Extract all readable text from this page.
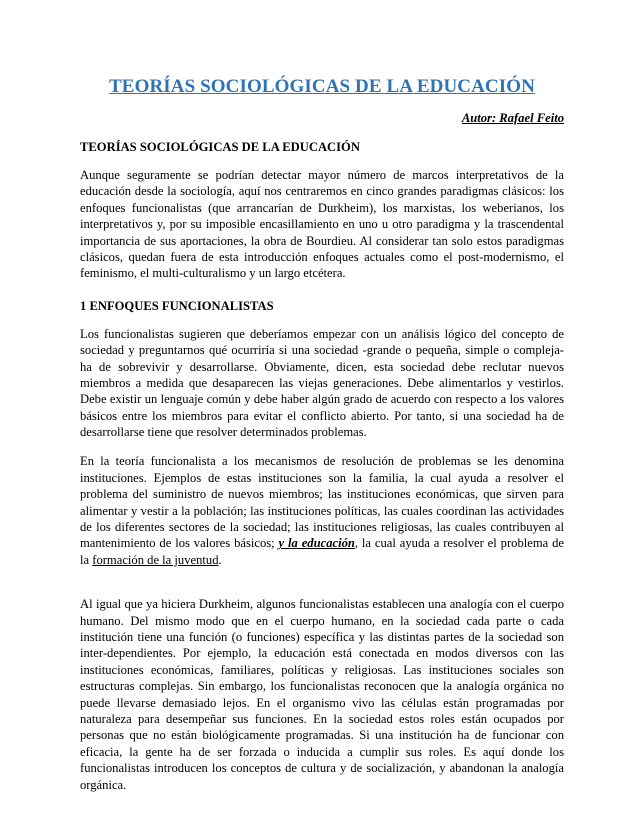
TEORÍAS SOCIOLÓGICAS DE LA EDUCACIÓN
Autor: Rafael Feito
TEORÍAS SOCIOLÓGICAS DE LA EDUCACIÓN

Aunque seguramente se podrían detectar mayor número de marcos interpretativos de la educación desde la sociología, aquí nos centraremos en cinco grandes paradigmas clásicos: los enfoques funcionalistas (que arrancarían de Durkheim), los marxistas, los weberianos, los interpretativos y, por su imposible encasillamiento en uno u otro paradigma y la trascendental importancia de sus aportaciones, la obra de Bourdieu. Al considerar tan solo estos paradigmas clásicos, quedan fuera de esta introducción enfoques actuales como el post-modernismo, el feminismo, el multi-culturalismo y un largo etcétera.

1 ENFOQUES FUNCIONALISTAS

Los funcionalistas sugieren que deberíamos empezar con un análisis lógico del concepto de sociedad y preguntarnos qué ocurriría si una sociedad -grande o pequeña, simple o compleja- ha de sobrevivir y desarrollarse. Obviamente, dicen, esta sociedad debe reclutar nuevos miembros a medida que desaparecen las viejas generaciones. Debe alimentarlos y vestirlos. Debe existir un lenguaje común y debe haber algún grado de acuerdo con respecto a los valores básicos entre los miembros para evitar el conflicto abierto. Por tanto, si una sociedad ha de desarrollarse tiene que resolver determinados problemas.

En la teoría funcionalista a los mecanismos de resolución de problemas se les denomina instituciones. Ejemplos de estas instituciones son la familia, la cual ayuda a resolver el problema del suministro de nuevos miembros; las instituciones económicas, que sirven para alimentar y vestir a la población; las instituciones políticas, las cuales coordinan las actividades de los diferentes sectores de la sociedad; las instituciones religiosas, las cuales contribuyen al mantenimiento de los valores básicos; y la educación, la cual ayuda a resolver el problema de la formación de la juventud.

Al igual que ya hiciera Durkheim, algunos funcionalistas establecen una analogía con el cuerpo humano. Del mismo modo que en el cuerpo humano, en la sociedad cada parte o cada institución tiene una función (o funciones) específica y las distintas partes de la sociedad son inter-dependientes. Por ejemplo, la educación está conectada en modos diversos con las instituciones económicas, familiares, políticas y religiosas. Las instituciones sociales son estructuras complejas. Sin embargo, los funcionalistas reconocen que la analogía orgánica no puede llevarse demasiado lejos. En el organismo vivo las células están programadas por naturaleza para desempeñar sus funciones. En la sociedad estos roles están ocupados por personas que no están biológicamente programadas. Si una institución ha de funcionar con eficacia, la gente ha de ser forzada o inducida a cumplir sus roles. Es aquí donde los funcionalistas introducen los conceptos de cultura y de socialización, y abandonan la analogía orgánica.
